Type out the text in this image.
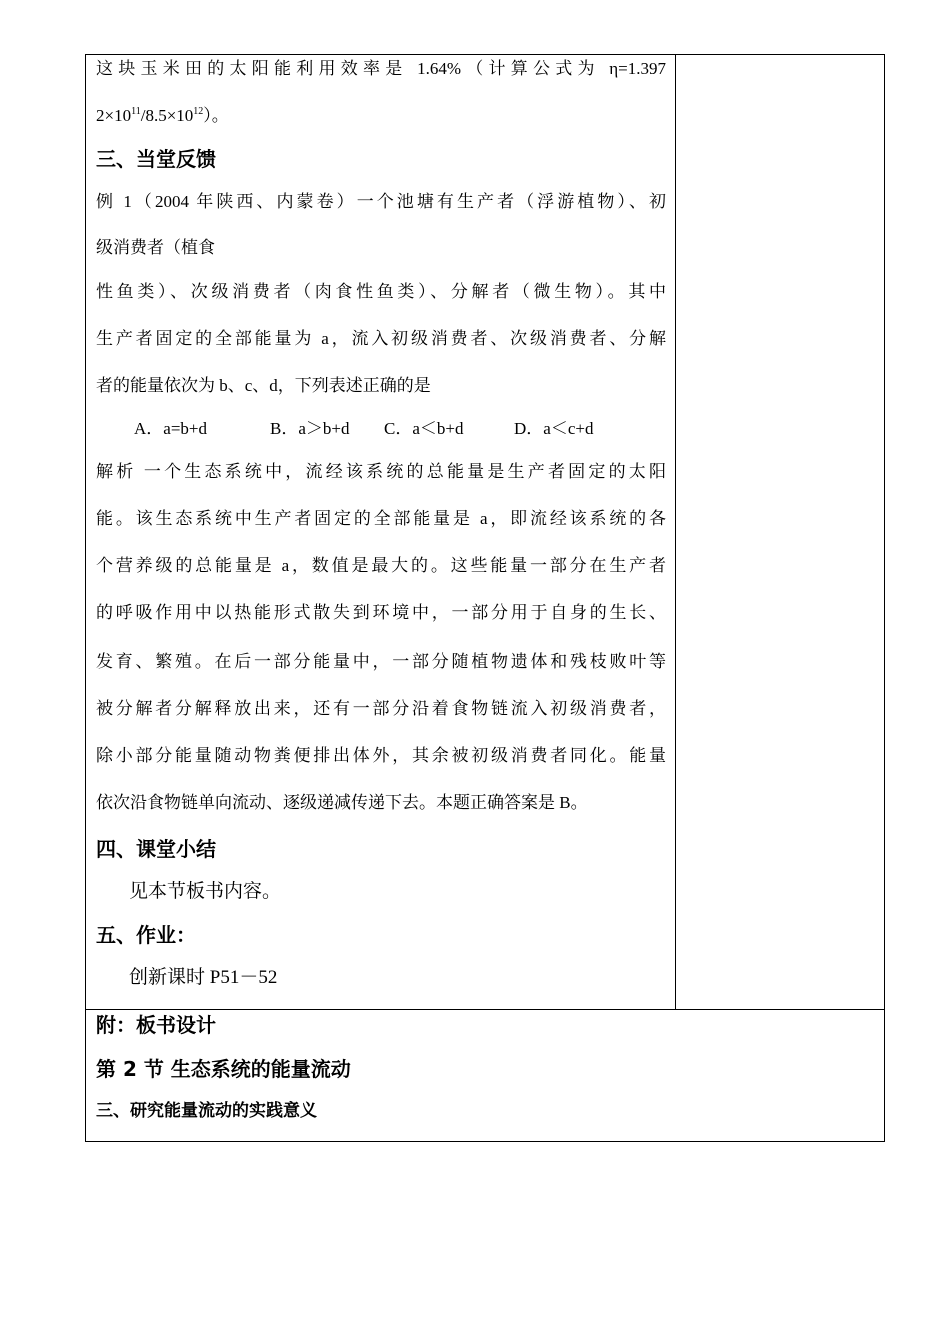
这块玉米田的太阳能利用效率是 1.64%（计算公式为 η=1.397
$2\times 10^{11}/8.5\times 10^{12}$）。
三、当堂反馈
例 1（2004 年陕西、内蒙卷）一个池塘有生产者（浮游植物）、初
级消费者（植食
性鱼类）、次级消费者（肉食性鱼类）、分解者（微生物）。其中
生产者固定的全部能量为 a，流入初级消费者、次级消费者、分解
者的能量依次为 b、c、d，下列表述正确的是
A．a=b+d	B．a＞b+d C．a＜b+d	D．a＜c+d
解析 一个生态系统中，流经该系统的总能量是生产者固定的太阳
能。该生态系统中生产者固定的全部能量是 a，即流经该系统的各
个营养级的总能量是 a，数值是最大的。这些能量一部分在生产者
的呼吸作用中以热能形式散失到环境中，一部分用于自身的生长、
发育、繁殖。在后一部分能量中，一部分随植物遗体和残枝败叶等
被分解者分解释放出来，还有一部分沿着食物链流入初级消费者，
除小部分能量随动物粪便排出体外，其余被初级消费者同化。能量
依次沿食物链单向流动、逐级递减传递下去。本题正确答案是 B。
四、课堂小结
见本节板书内容。
五、作业：
创新课时 P51－52
附：板书设计
第 2 节 生态系统的能量流动
三、研究能量流动的实践意义
